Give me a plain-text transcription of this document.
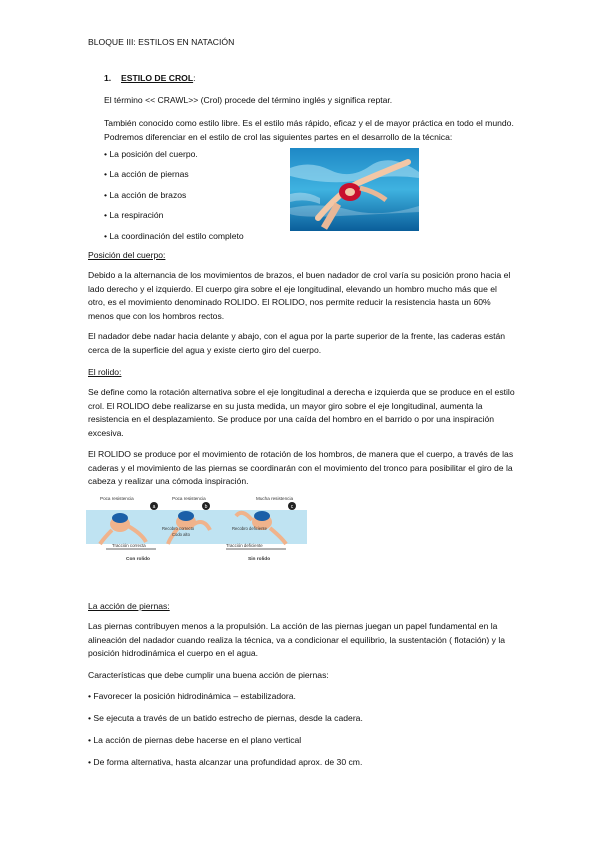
BLOQUE III: ESTILOS EN NATACIÓN

1.	ESTILO DE CROL:

El término << CRAWL>> (Crol) procede del término inglés y significa reptar.

También conocido como estilo libre. Es el estilo más rápido, eficaz y el de mayor práctica en todo el mundo. Podremos diferenciar en el estilo de crol las siguientes partes en el desarrollo de la técnica:

• La posición del cuerpo.

• La acción de piernas

• La acción de brazos

• La respiración

• La coordinación del estilo completo

Posición del cuerpo:

Debido a la alternancia de los movimientos de brazos, el buen nadador de crol varía su posición prono hacia el lado derecho y el izquierdo. El cuerpo gira sobre el eje longitudinal, elevando un hombro mucho más que el otro, es el movimiento denominado ROLIDO. El ROLIDO, nos permite reducir la resistencia hasta un 60% menos que con los hombros rectos.

El nadador debe nadar hacia delante y abajo, con el agua por la parte superior de la frente, las caderas están cerca de la superficie del agua y existe cierto giro del cuerpo.

El rolido:

Se define como la rotación alternativa sobre el eje longitudinal a derecha e izquierda que se produce en el estilo crol. El ROLIDO debe realizarse en su justa medida, un mayor giro sobre el eje longitudinal, aumenta la resistencia en el desplazamiento. Se produce por una caída del hombro en el barrido o por una inspiración excesiva.

El ROLIDO se produce por el movimiento de rotación de los hombros, de manera que el cuerpo, a través de las caderas y el movimiento de las piernas se coordinarán con el movimiento del tronco para posibilitar el giro de la cabeza y realizar una cómoda inspiración.

a	b	c
Poca resistencia	Poca resistencia	Mucha resistencia
Recobro correcto
Codo alto
Recobro deficiente
Tracción correcta	Tracción deficiente
Con rolido	Sin rolido

La acción de piernas:

Las piernas contribuyen menos a la propulsión. La acción de las piernas juegan un papel fundamental en la alineación del nadador cuando realiza la técnica, va a condicionar el equilibrio, la sustentación ( flotación) y la posición hidrodinámica el cuerpo en el agua.

Características que debe cumplir una buena acción de piernas:

• Favorecer la posición hidrodinámica – estabilizadora.

• Se ejecuta a través de un batido estrecho de piernas, desde la cadera.

• La acción de piernas debe hacerse en el plano vertical

• De forma alternativa, hasta alcanzar una profundidad aprox. de 30 cm.
